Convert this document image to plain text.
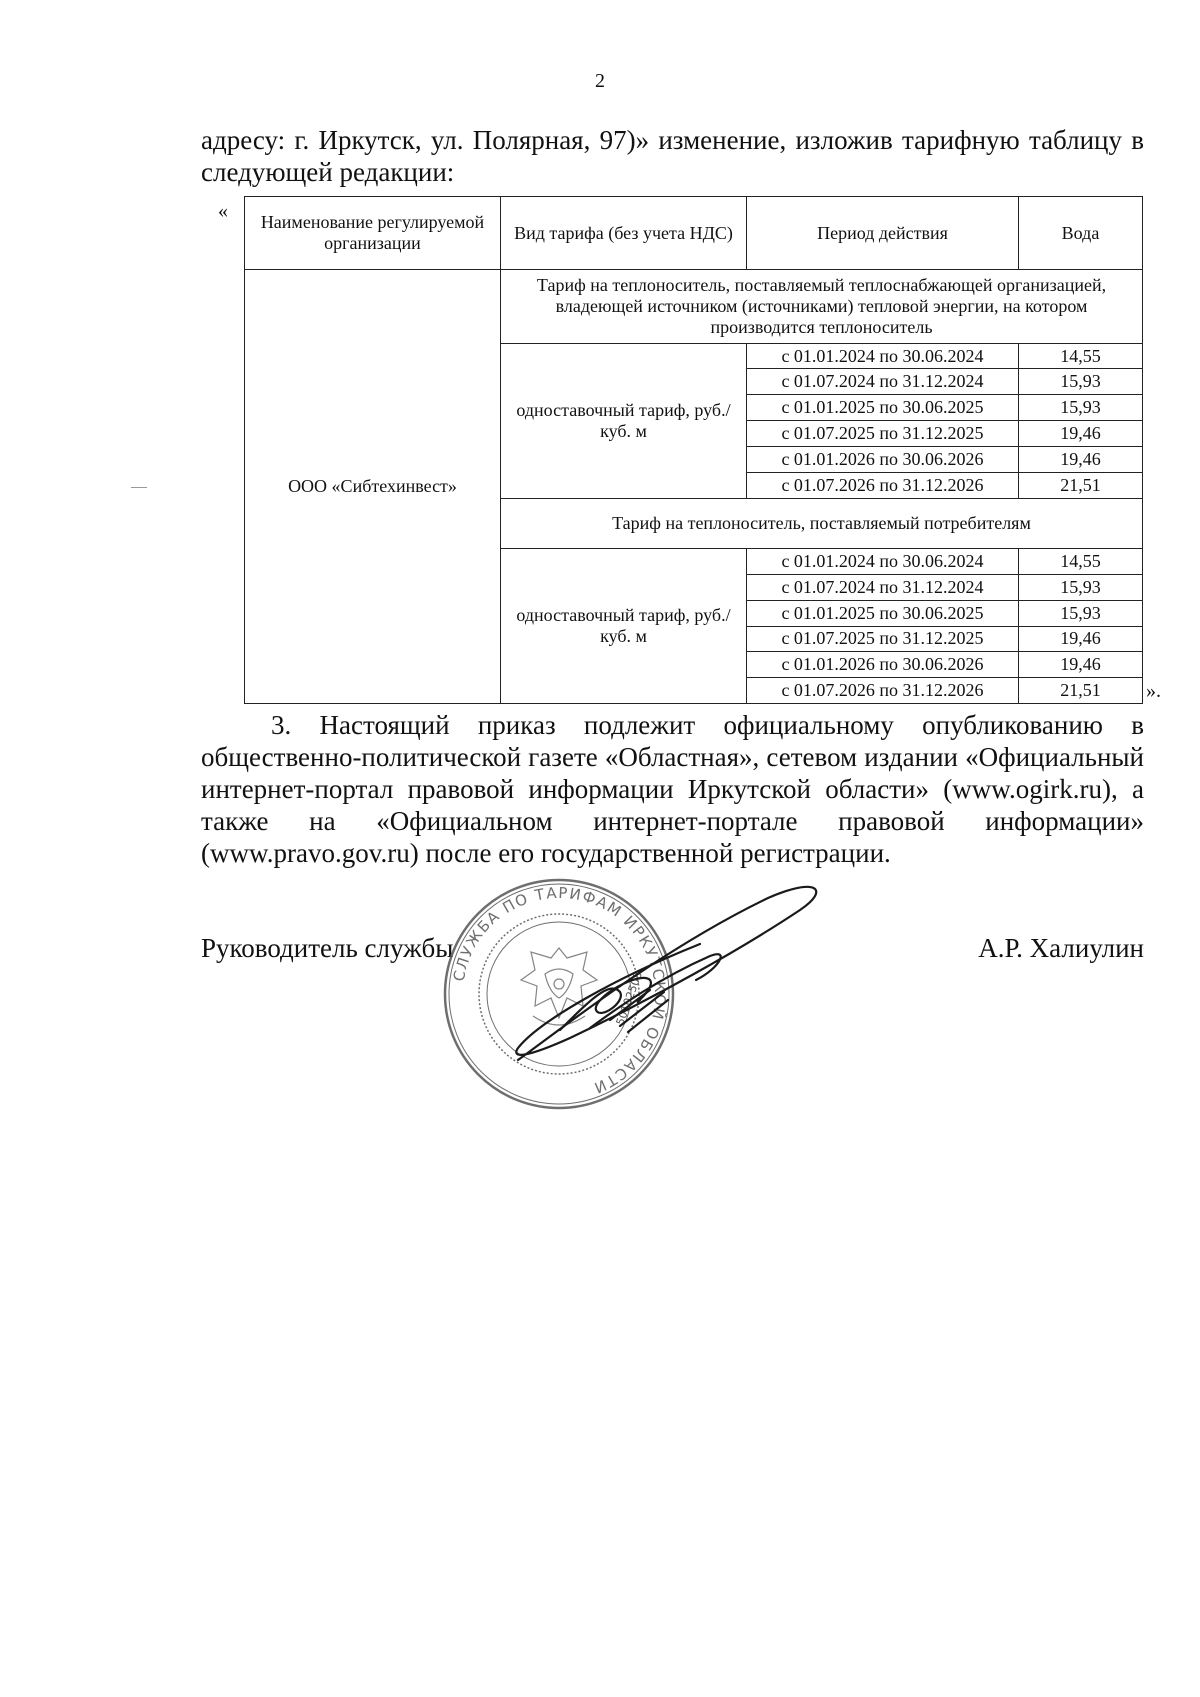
2

адресу: г. Иркутск, ул. Полярная, 97)» изменение, изложив тарифную таблицу в следующей редакции:

«
Наименование регулируемой организации	Вид тарифа (без учета НДС)	Период действия	Вода
ООО «Сибтехинвест»	Тариф на теплоноситель, поставляемый теплоснабжающей организацией, владеющей источником (источниками) тепловой энергии, на котором производится теплоноситель		
	одноставочный тариф, руб./куб. м	с 01.01.2024 по 30.06.2024	14,55
		с 01.07.2024 по 31.12.2024	15,93
		с 01.01.2025 по 30.06.2025	15,93
		с 01.07.2025 по 31.12.2025	19,46
		с 01.01.2026 по 30.06.2026	19,46
		с 01.07.2026 по 31.12.2026	21,51
	Тариф на теплоноситель, поставляемый потребителям		
	одноставочный тариф, руб./куб. м	с 01.01.2024 по 30.06.2024	14,55
		с 01.07.2024 по 31.12.2024	15,93
		с 01.01.2025 по 30.06.2025	15,93
		с 01.07.2025 по 31.12.2025	19,46
		с 01.01.2026 по 30.06.2026	19,46
		с 01.07.2026 по 31.12.2026	21,51 ».

3. Настоящий приказ подлежит официальному опубликованию в общественно-политической газете «Областная», сетевом издании «Официальный интернет-портал правовой информации Иркутской области» (www.ogirk.ru), а также на «Официальном интернет-портале правовой информации» (www.pravo.gov.ru) после его государственной регистрации.

Руководитель службы	А.Р. Халиулин
СЛУЖБА ПО ТАРИФАМ ИРКУТСКОЙ ОБЛАСТИ
50102508
